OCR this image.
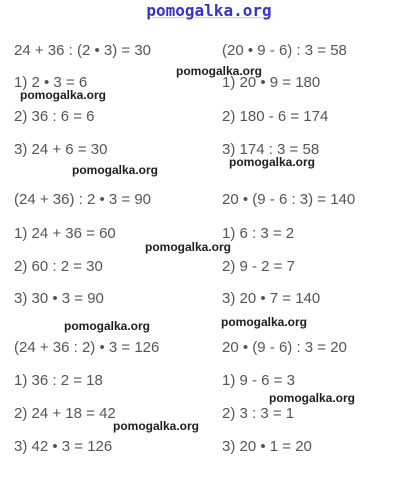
pomogalka.org
24 + 36 : (2 • 3) = 30
1) 2 • 3 = 6
2) 36 : 6 = 6
3) 24 + 6 = 30
(20 • 9 - 6) : 3 = 58
1) 20 • 9 = 180
2) 180 - 6 = 174
3) 174 : 3 = 58
(24 + 36) : 2 • 3 = 90
1) 24 + 36 = 60
2) 60 : 2 = 30
3) 30 • 3 = 90
20 • (9 - 6 : 3) = 140
1) 6 : 3 = 2
2) 9 - 2 = 7
3) 20 • 7 = 140
(24 + 36 : 2) • 3 = 126
1) 36 : 2 = 18
2) 24 + 18 = 42
3) 42 • 3 = 126
20 • (9 - 6) : 3 = 20
1) 9 - 6 = 3
2) 3 : 3 = 1
3) 20 • 1 = 20
pomogalka.org
pomogalka.org
pomogalka.org
pomogalka.org
pomogalka.org
pomogalka.org	pomogalka.org
pomogalka.org
pomogalka.org
